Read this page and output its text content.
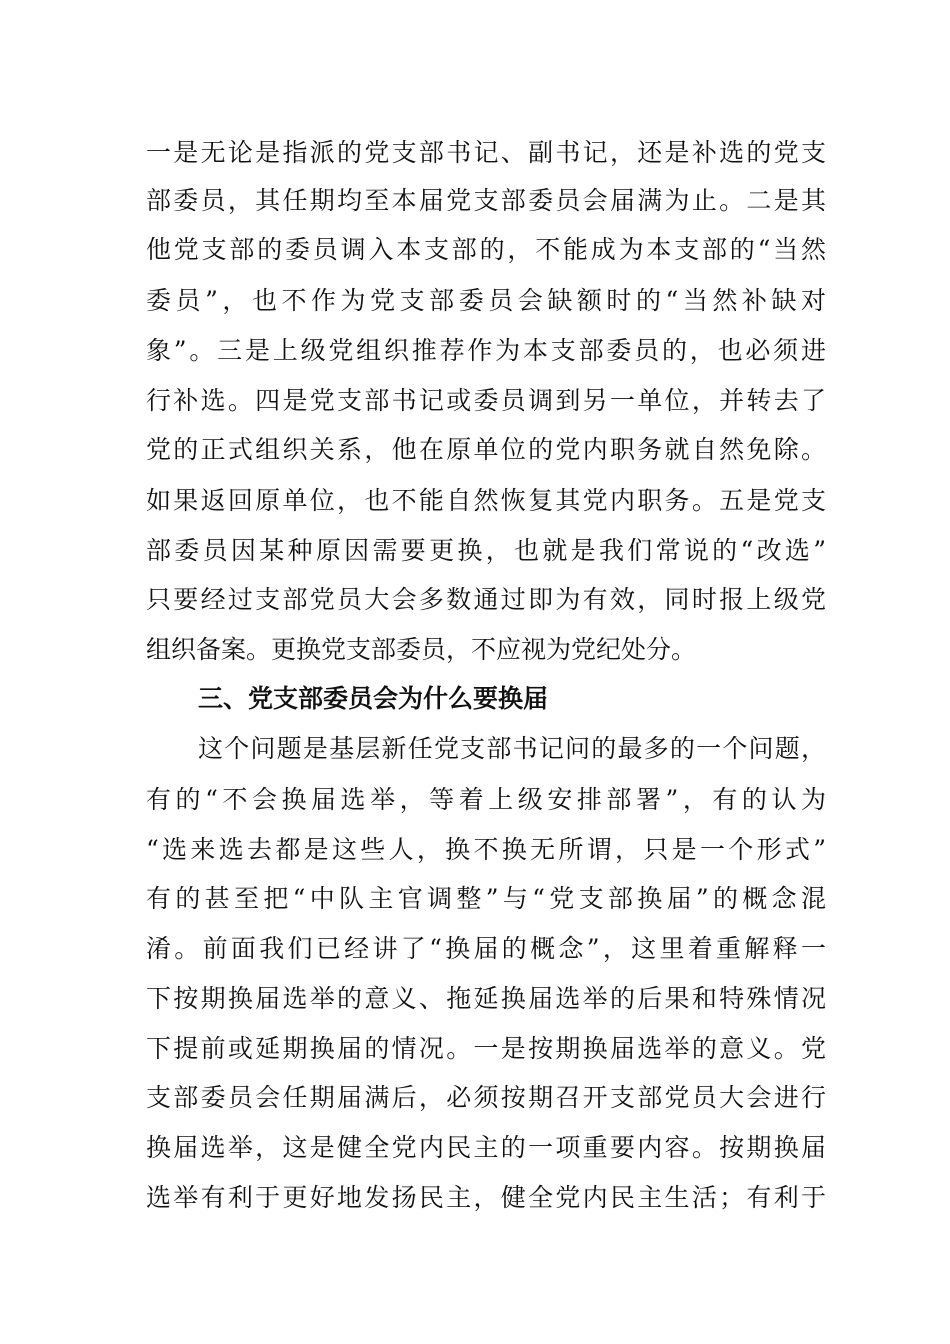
一是无论是指派的党支部书记、副书记，还是补选的党支
部委员，其任期均至本届党支部委员会届满为止。二是其
他党支部的委员调入本支部的，不能成为本支部的“当然
委员”，也不作为党支部委员会缺额时的“当然补缺对
象”。三是上级党组织推荐作为本支部委员的，也必须进
行补选。四是党支部书记或委员调到另一单位，并转去了
党的正式组织关系，他在原单位的党内职务就自然免除。
如果返回原单位，也不能自然恢复其党内职务。五是党支
部委员因某种原因需要更换，也就是我们常说的“改选”
只要经过支部党员大会多数通过即为有效，同时报上级党
组织备案。更换党支部委员，不应视为党纪处分。
三、党支部委员会为什么要换届
这个问题是基层新任党支部书记问的最多的一个问题，
有的“不会换届选举，等着上级安排部署”，有的认为
“选来选去都是这些人，换不换无所谓，只是一个形式”
有的甚至把“中队主官调整”与“党支部换届”的概念混
淆。前面我们已经讲了“换届的概念”，这里着重解释一
下按期换届选举的意义、拖延换届选举的后果和特殊情况
下提前或延期换届的情况。一是按期换届选举的意义。党
支部委员会任期届满后，必须按期召开支部党员大会进行
换届选举，这是健全党内民主的一项重要内容。按期换届
选举有利于更好地发扬民主，健全党内民主生活；有利于
